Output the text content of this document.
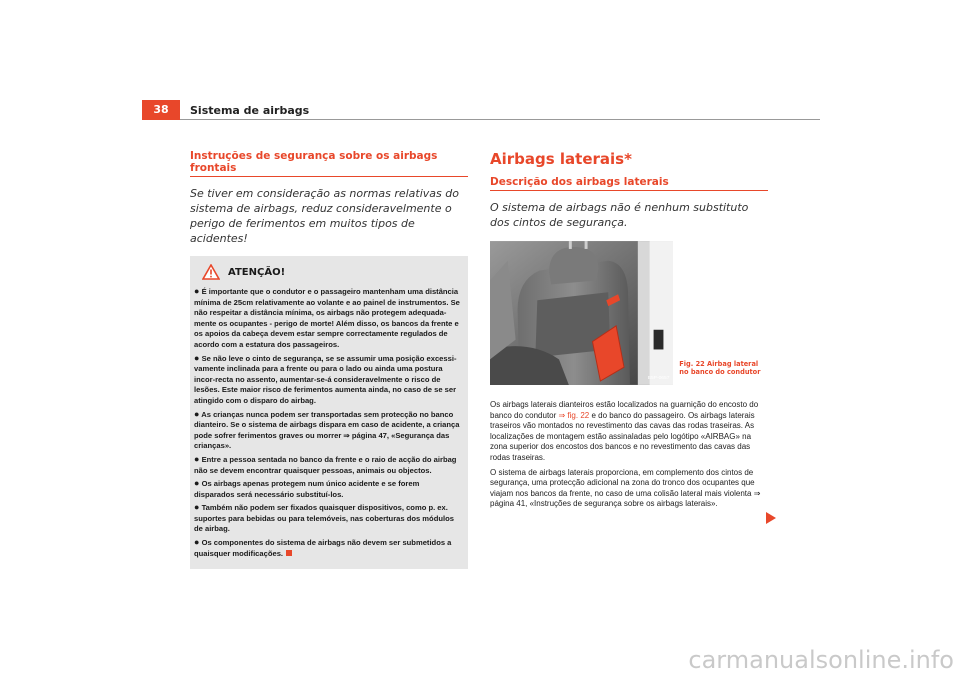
38	Sistema de airbags
Instruções de segurança sobre os airbags frontais

Se tiver em consideração as normas relativas do sistema de airbags, reduz consideravelmente o perigo de ferimentos em muitos tipos de acidentes!

ATENÇÃO!

● É importante que o condutor e o passageiro mantenham uma distância mínima de 25cm relativamente ao volante e ao painel de instrumentos. Se não respeitar a distância mínima, os airbags não protegem adequada-mente os ocupantes - perigo de morte! Além disso, os bancos da frente e os apoios da cabeça devem estar sempre correctamente regulados de acordo com a estatura dos passageiros.

● Se não leve o cinto de segurança, se se assumir uma posição excessi-vamente inclinada para a frente ou para o lado ou ainda uma postura incor-recta no assento, aumentar-se-á consideravelmente o risco de lesões. Este maior risco de ferimentos aumenta ainda, no caso de se ser atingido com o disparo do airbag.

● As crianças nunca podem ser transportadas sem protecção no banco dianteiro. Se o sistema de airbags dispara em caso de acidente, a criança pode sofrer ferimentos graves ou morrer ⇒ página 47, «Segurança das crianças».

● Entre a pessoa sentada no banco da frente e o raio de acção do airbag não se devem encontrar quaisquer pessoas, animais ou objectos.

● Os airbags apenas protegem num único acidente e se forem disparados será necessário substituí-los.

● Também não podem ser fixados quaisquer dispositivos, como p. ex. suportes para bebidas ou para telemóveis, nas coberturas dos módulos de airbag.

● Os componentes do sistema de airbags não devem ser submetidos a quaisquer modificações.

Airbags laterais*
Descrição dos airbags laterais

O sistema de airbags não é nenhum substituto dos cintos de segurança.

B5P-0657
Fig. 22 Airbag lateral no banco do condutor

Os airbags laterais dianteiros estão localizados na guarnição do encosto do banco do condutor ⇒ fig. 22 e do banco do passageiro. Os airbags laterais traseiros vão montados no revestimento das cavas das rodas traseiras. As localizações de montagem estão assinaladas pelo logótipo «AIRBAG» na zona superior dos encostos dos bancos e no revestimento das cavas das rodas traseiras.

O sistema de airbags laterais proporciona, em complemento dos cintos de segurança, uma protecção adicional na zona do tronco dos ocupantes que viajam nos bancos da frente, no caso de uma colisão lateral mais violenta ⇒ página 41, «Instruções de segurança sobre os airbags laterais».

carmanualsonline.info
